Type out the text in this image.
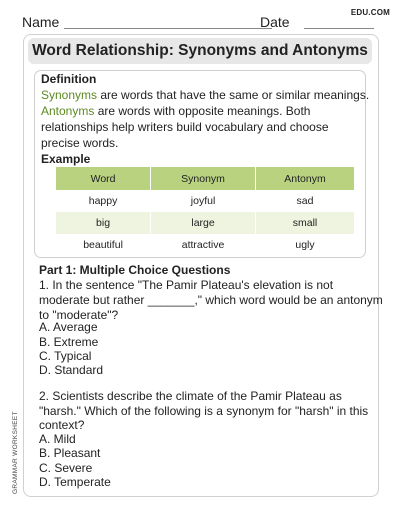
Name	Date
EDU.COM
Word Relationship: Synonyms and Antonyms
Definition
Synonyms are words that have the same or similar meanings.
Antonyms are words with opposite meanings. Both
relationships help writers build vocabulary and choose
precise words.
Example
Word	Synonym	Antonym
happy	joyful	sad
big	large	small
beautiful	attractive	ugly
Part 1: Multiple Choice Questions
1. In the sentence "The Pamir Plateau's elevation is not
moderate but rather _______," which word would be an antonym
to "moderate"?
A. Average
B. Extreme
C. Typical
D. Standard
2. Scientists describe the climate of the Pamir Plateau as
"harsh." Which of the following is a synonym for "harsh" in this
context?
A. Mild
B. Pleasant
C. Severe
D. Temperate
GRAMMAR WORKSHEET
